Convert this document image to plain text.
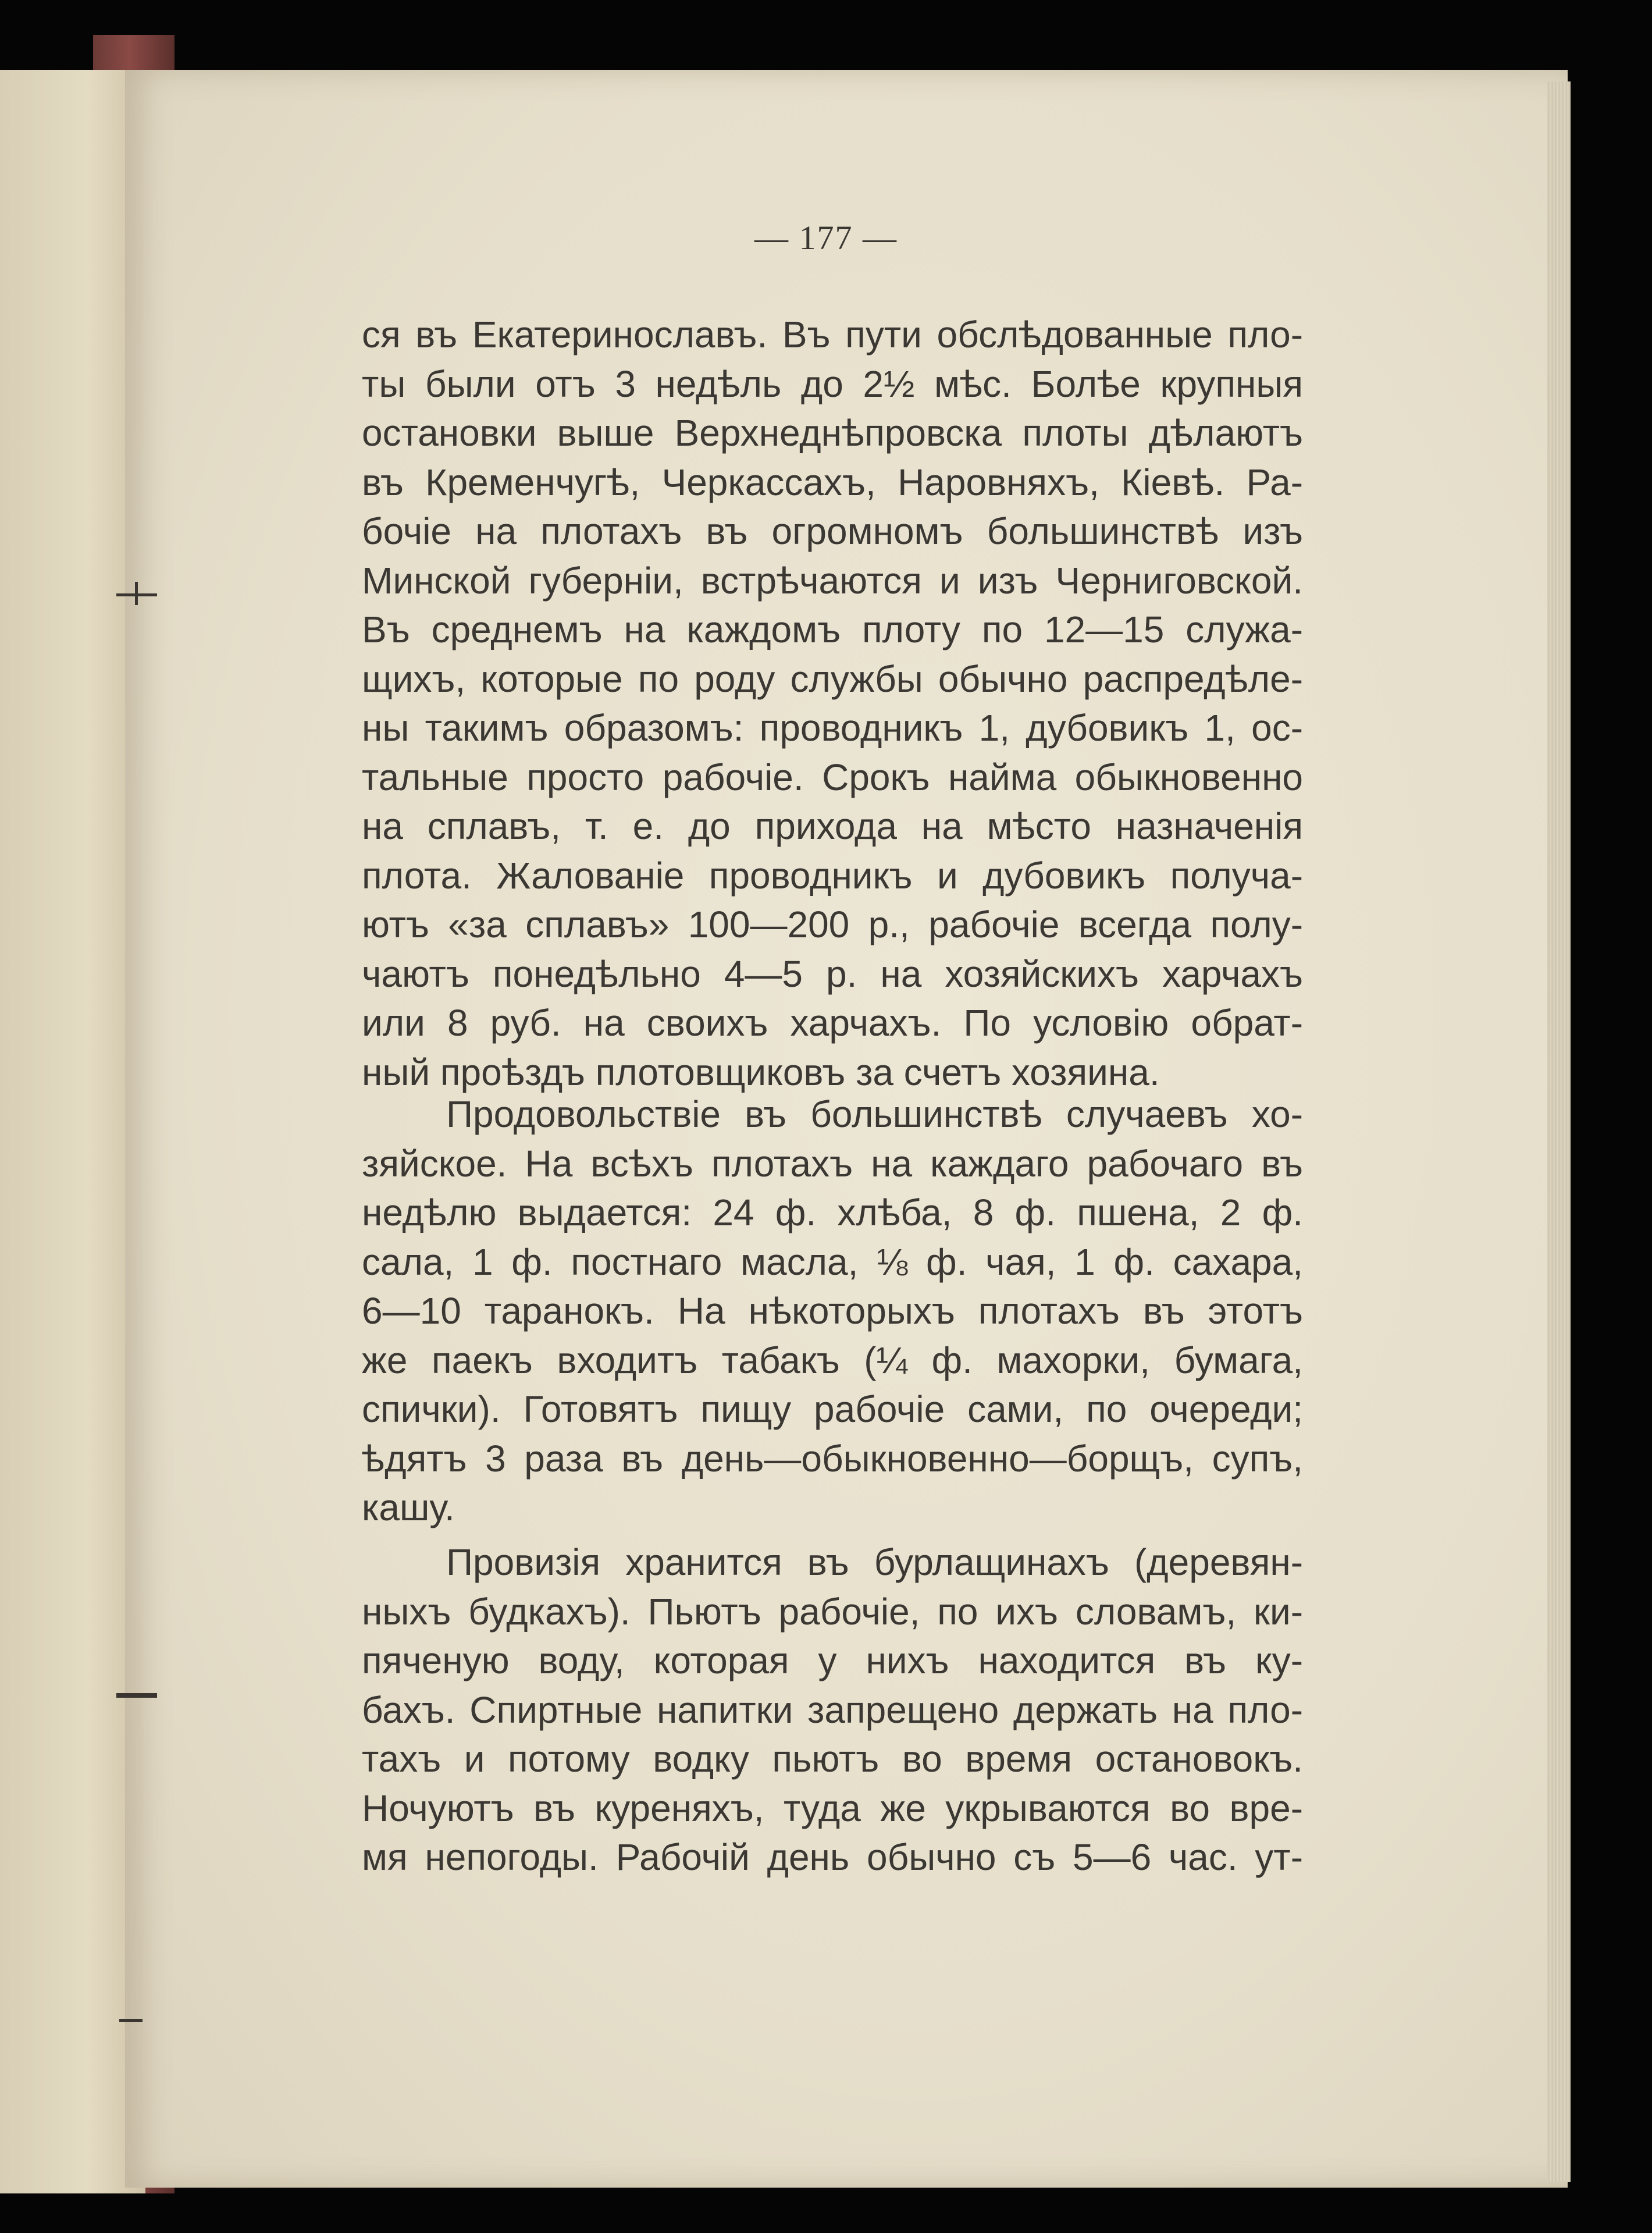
— 177 —
ся въ Екатеринославъ. Въ пути обслѣдованные пло-
ты были отъ 3 недѣль до 2½ мѣс. Болѣе крупныя
остановки выше Верхнеднѣпровска плоты дѣлаютъ
въ Кременчугѣ, Черкассахъ, Наровняхъ, Кіевѣ. Ра-
бочіе на плотахъ въ огромномъ большинствѣ изъ
Минской губерніи, встрѣчаются и изъ Черниговской.
Въ среднемъ на каждомъ плоту по 12—15 служа-
щихъ, которые по роду службы обычно распредѣле-
ны такимъ образомъ: проводникъ 1, дубовикъ 1, ос-
тальные просто рабочіе. Срокъ найма обыкновенно
на сплавъ, т. е. до прихода на мѣсто назначенія
плота. Жалованіе проводникъ и дубовикъ получа-
ютъ «за сплавъ» 100—200 р., рабочіе всегда полу-
чаютъ понедѣльно 4—5 р. на хозяйскихъ харчахъ
или 8 руб. на своихъ харчахъ. По условію обрат-
ный проѣздъ плотовщиковъ за счетъ хозяина.
Продовольствіе въ большинствѣ случаевъ хо-
зяйское. На всѣхъ плотахъ на каждаго рабочаго въ
недѣлю выдается: 24 ф. хлѣба, 8 ф. пшена, 2 ф.
сала, 1 ф. постнаго масла, ⅛ ф. чая, 1 ф. сахара,
6—10 таранокъ. На нѣкоторыхъ плотахъ въ этотъ
же паекъ входитъ табакъ (¼ ф. махорки, бумага,
спички). Готовятъ пищу рабочіе сами, по очереди;
ѣдятъ 3 раза въ день—обыкновенно—борщъ, супъ,
кашу.
Провизія хранится въ бурлащинахъ (деревян-
ныхъ будкахъ). Пьютъ рабочіе, по ихъ словамъ, ки-
пяченую воду, которая у нихъ находится въ ку-
бахъ. Спиртные напитки запрещено держать на пло-
тахъ и потому водку пьютъ во время остановокъ.
Ночуютъ въ куреняхъ, туда же укрываются во вре-
мя непогоды. Рабочій день обычно съ 5—6 час. ут-
